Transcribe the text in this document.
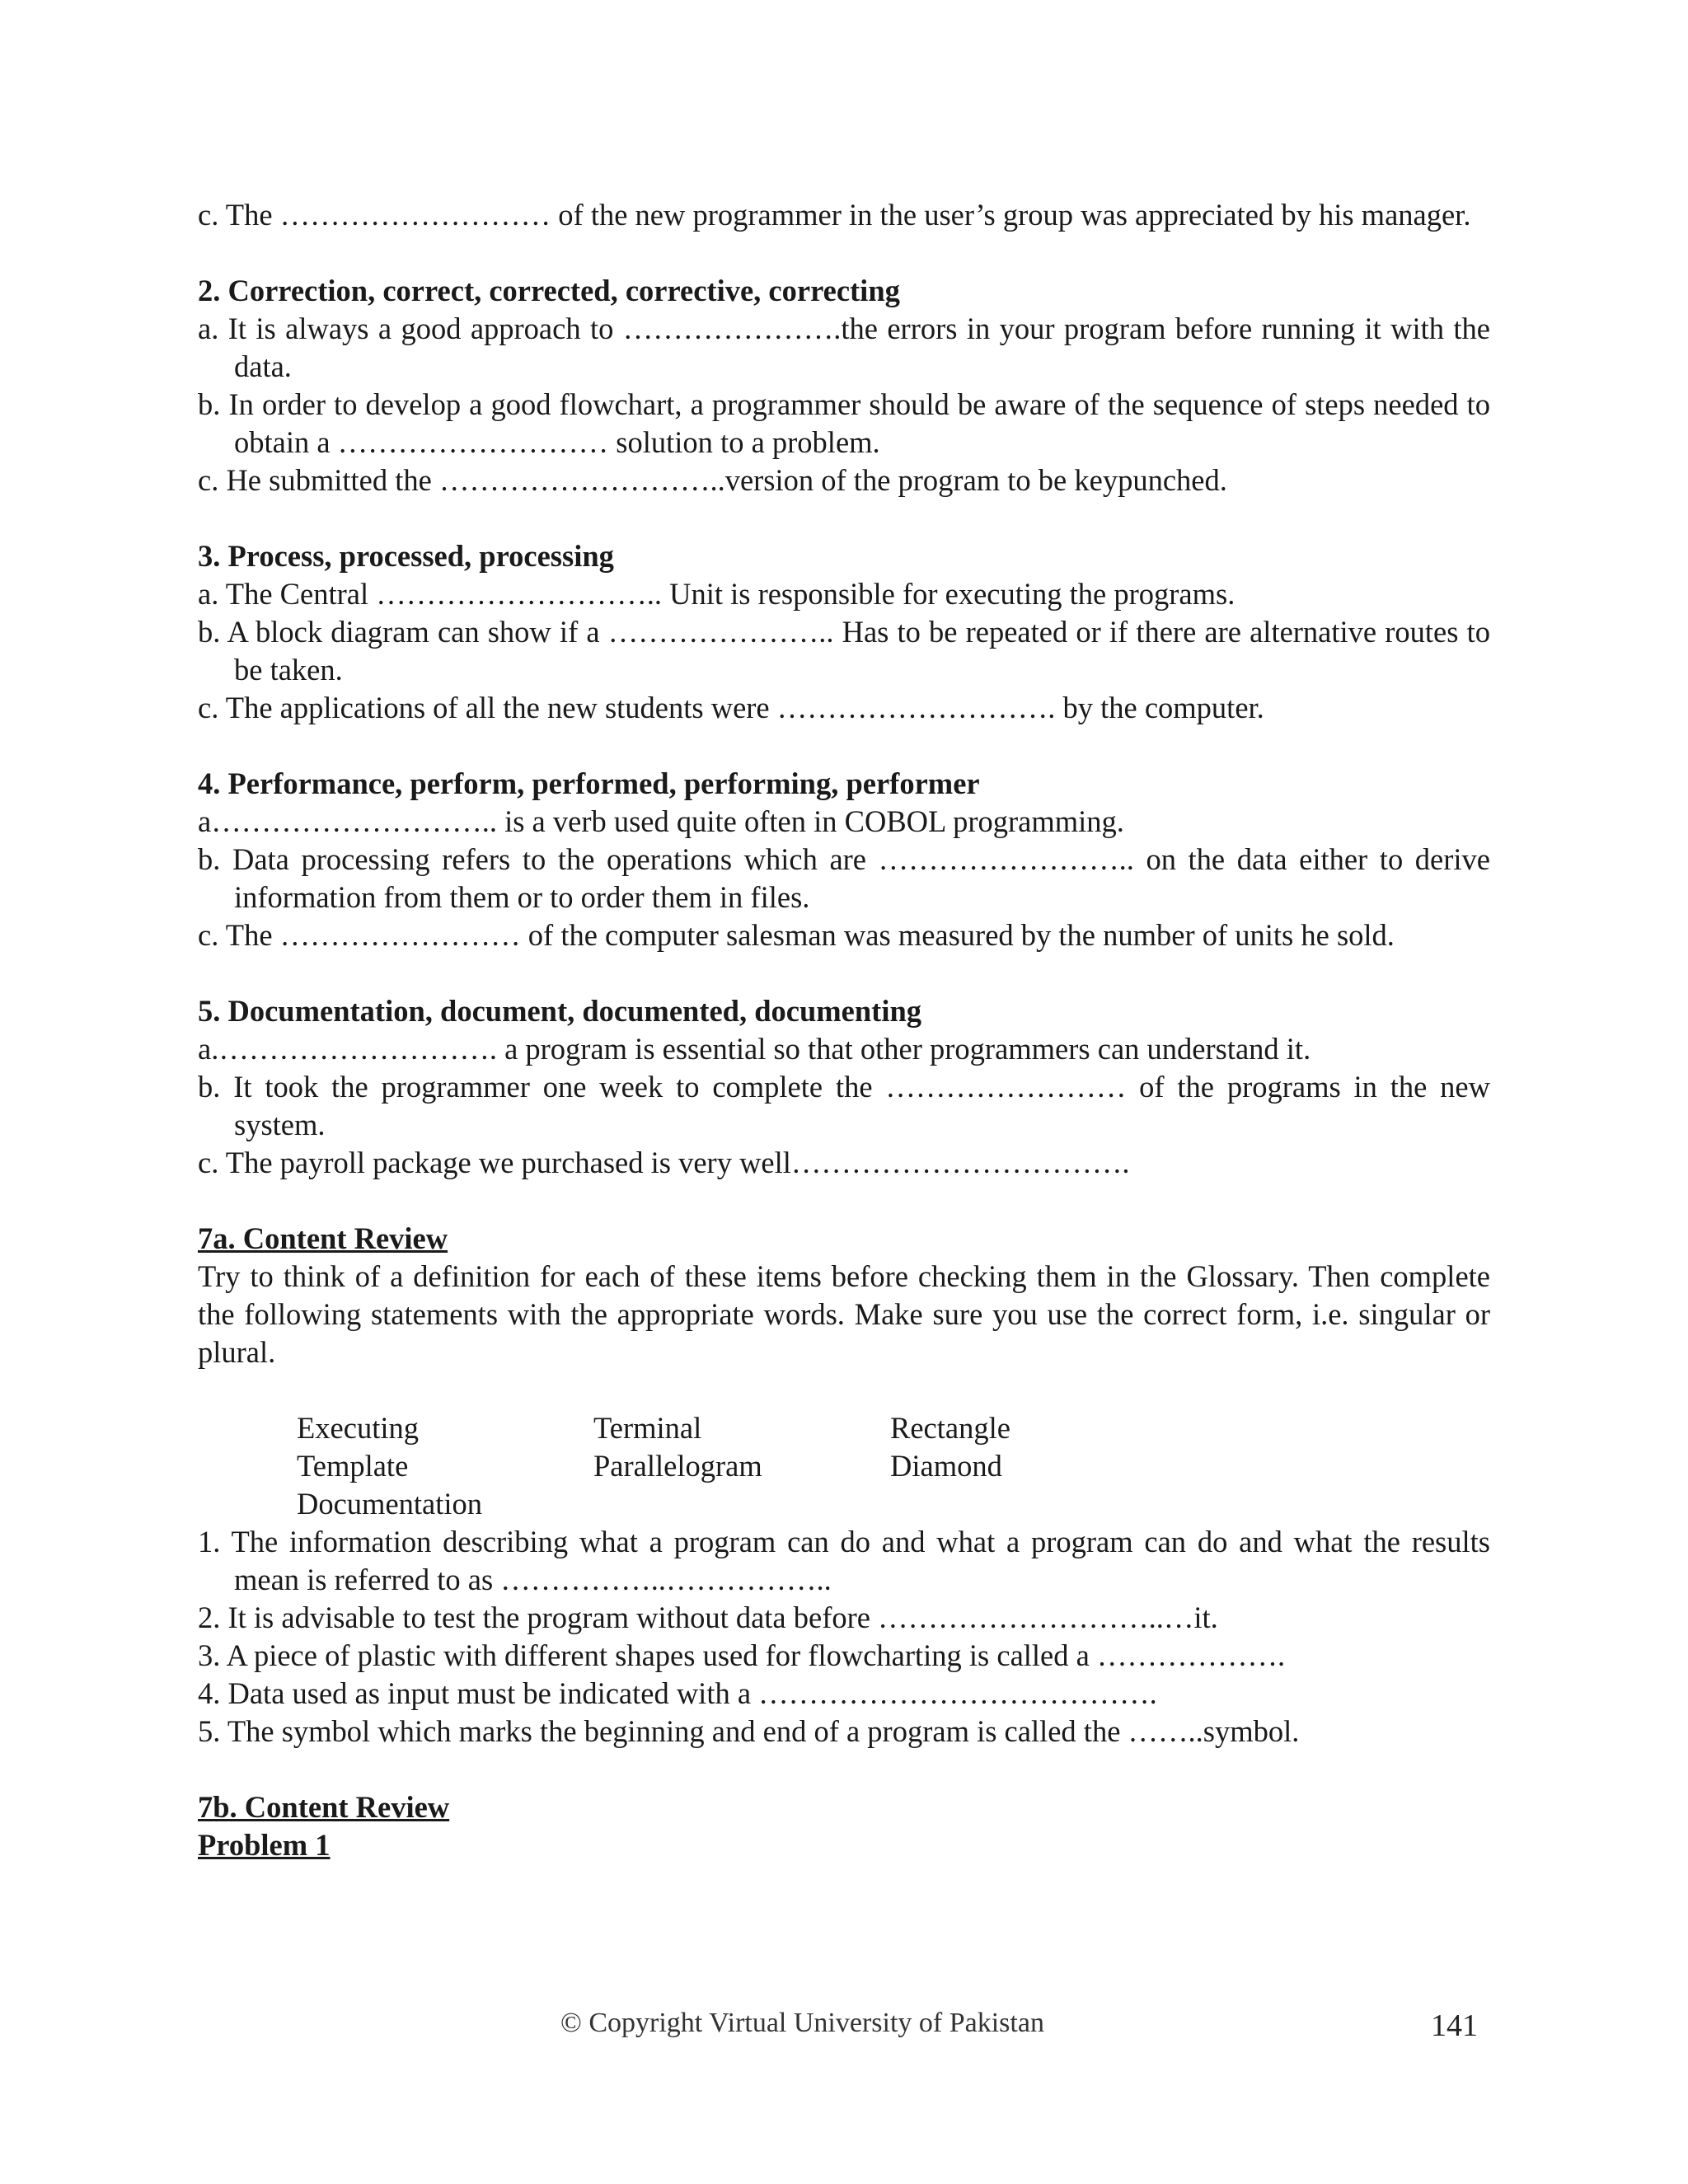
c. The ……………………… of the new programmer in the user’s group was appreciated by his manager.
2. Correction, correct, corrected, corrective, correcting
a. It is always a good approach to ………………….the errors in your program before running it with the data.
b. In order to develop a good flowchart, a programmer should be aware of the sequence of steps needed to obtain a ……………………… solution to a problem.
c. He submitted the ………………………..version of the program to be keypunched.
3. Process, processed, processing
a. The Central ……………………….. Unit is responsible for executing the programs.
b. A block diagram can show if a ………………….. Has to be repeated or if there are alternative routes to be taken.
c. The applications of all the new students were ………………………. by the computer.
4. Performance, perform, performed, performing, performer
a……………………….. is a verb used quite often in COBOL programming.
b. Data processing refers to the operations which are …………………….. on the data either to derive information from them or to order them in files.
c. The …………………… of the computer salesman was measured by the number of units he sold.
5. Documentation, document, documented, documenting
a.………………………. a program is essential so that other programmers can understand it.
b. It took the programmer one week to complete the …………………… of the programs in the new system.
c. The payroll package we purchased is very well…………………………….
7a. Content Review
Try to think of a definition for each of these items before checking them in the Glossary. Then complete the following statements with the appropriate words. Make sure you use the correct form, i.e. singular or plural.
Executing	Terminal	Rectangle
Template	Parallelogram	Diamond
Documentation
1. The information describing what a program can do and what a program can do and what the results mean is referred to as ……………..……………..
2. It is advisable to test the program without data before ………………………..…it.
3. A piece of plastic with different shapes used for flowcharting is called a ……………….
4. Data used as input must be indicated with a ………………………………….
5. The symbol which marks the beginning and end of a program is called the ……..symbol.
7b. Content Review
Problem 1
© Copyright Virtual University of Pakistan	141
